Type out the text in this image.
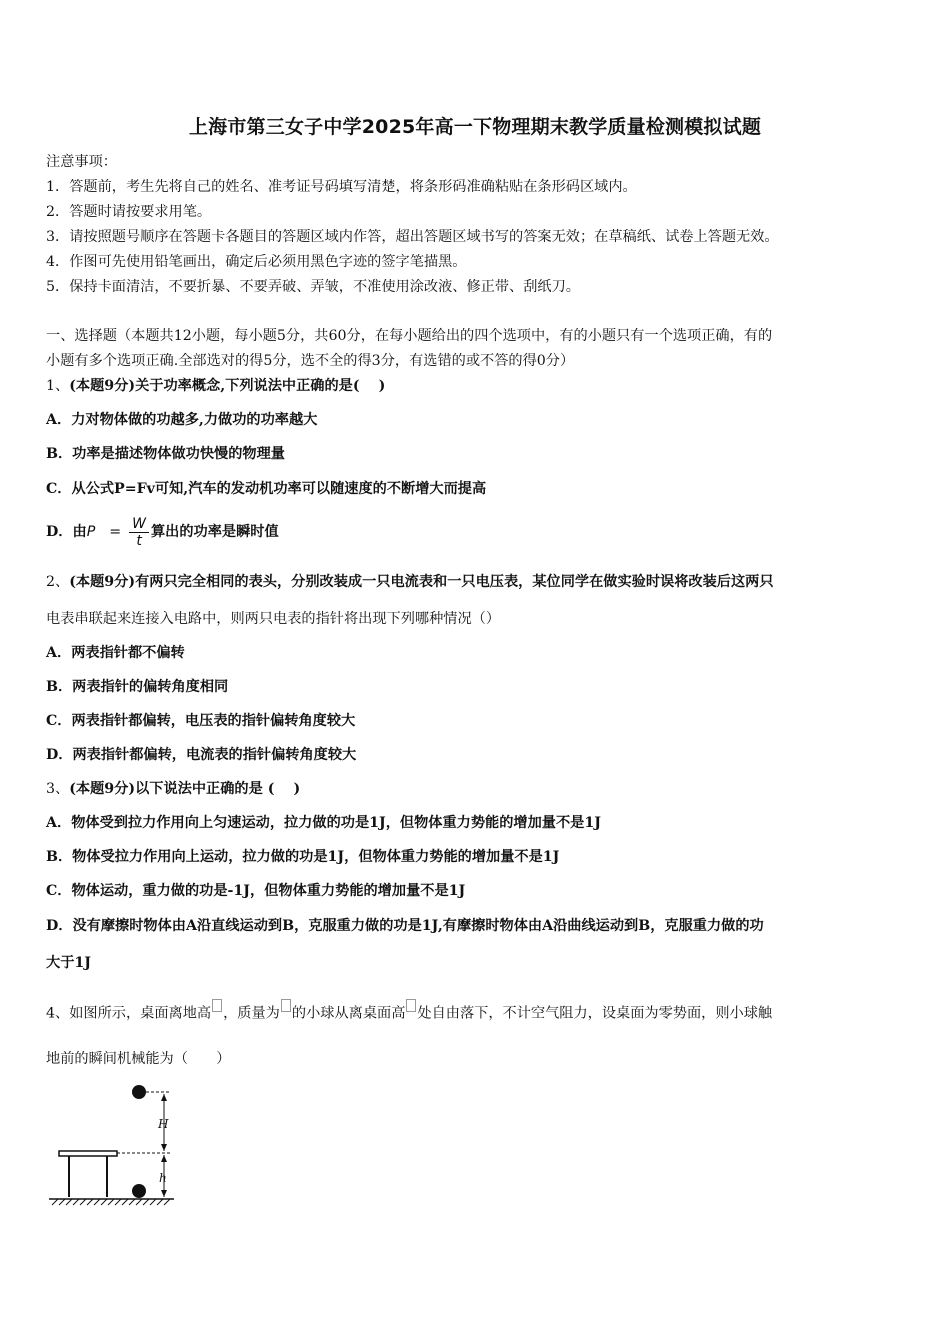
上海市第三女子中学2025年高一下物理期末教学质量检测模拟试题
注意事项：
1．答题前，考生先将自己的姓名、准考证号码填写清楚，将条形码准确粘贴在条形码区域内。
2．答题时请按要求用笔。
3．请按照题号顺序在答题卡各题目的答题区域内作答，超出答题区域书写的答案无效；在草稿纸、试卷上答题无效。
4．作图可先使用铅笔画出，确定后必须用黑色字迹的签字笔描黑。
5．保持卡面清洁，不要折暴、不要弄破、弄皱，不准使用涂改液、修正带、刮纸刀。
一、选择题（本题共12小题，每小题5分，共60分，在每小题给出的四个选项中，有的小题只有一个选项正确，有的
小题有多个选项正确.全部选对的得5分，选不全的得3分，有选错的或不答的得0分）
1、(本题9分)关于功率概念,下列说法中正确的是(　 )
A．力对物体做的功越多,力做功的功率越大
B．功率是描述物体做功快慢的物理量
C．从公式P=Fv可知,汽车的发动机功率可以随速度的不断增大而提高
D．由$P = \frac{W}{t}$ 算出的功率是瞬时值
2、(本题9分)有两只完全相同的表头，分别改装成一只电流表和一只电压表，某位同学在做实验时误将改装后这两只
电表串联起来连接入电路中，则两只电表的指针将出现下列哪种情况（）
A．两表指针都不偏转
B．两表指针的偏转角度相同
C．两表指针都偏转，电压表的指针偏转角度较大
D．两表指针都偏转，电流表的指针偏转角度较大
3、(本题9分)以下说法中正确的是 (　 )
A．物体受到拉力作用向上匀速运动，拉力做的功是1J，但物体重力势能的增加量不是1J
B．物体受拉力作用向上运动，拉力做的功是1J，但物体重力势能的增加量不是1J
C．物体运动，重力做的功是-1J，但物体重力势能的增加量不是1J
D．没有摩擦时物体由A沿直线运动到B，克服重力做的功是1J,有摩擦时物体由A沿曲线运动到B，克服重力做的功
大于1J
4、如图所示，桌面离地高 ，质量为 的小球从离桌面高 处自由落下，不计空气阻力，设桌面为零势面，则小球触
地前的瞬间机械能为（　　）
H
h
